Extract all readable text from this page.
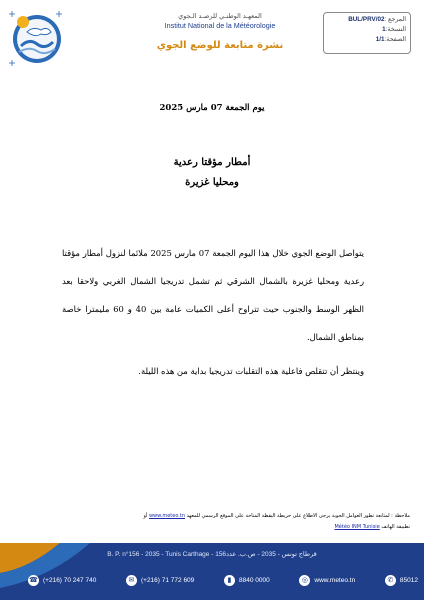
المعهـد الوطنـي للرصـد الـجوي
Institut National de la Météorologie
نشرة متابعة للوضع الجوي
المرجع :
BUL/PRV/02
النسخة:
1
الصفحة:
1/1
يوم الجمعة 07 مارس 2025
أمطار مؤقتا رعدية
ومحليا غزيرة

يتواصل الوضع الجوي خلال هذا اليوم الجمعة 07 مارس 2025 ملائما لنزول أمطار مؤقتا رعدية ومحليا غزيرة بالشمال الشرقي ثم تشمل تدريجيا الشمال الغربي ولاحقا بعد الظهر الوسط والجنوب حيث تتراوح أعلى الكميات عامة بين 40 و 60 مليمترا خاصة بمناطق الشمال.

وينتظر أن تتقلص فاعلية هذه التقلبات تدريجيا بداية من هذه الليلة.

ملاحظة : لمتابعة تطور العوامل الجوية يرجى الاطلاع على خريطة اليقظة المتاحة على الموقع الرسمي للمعهد www.meteo.tn أو
تطبيقة الهاتف Météo INM Tunisie
B. P. n°156 - 2035 - Tunis Carthage - قرطاج تونس - 2035 - ص.ب. عدد156
☎ (+216) 70 247 740	✉	(+216) 71 772 609	▮	8840 0000	◎ www.meteo.tn	✆	85012
